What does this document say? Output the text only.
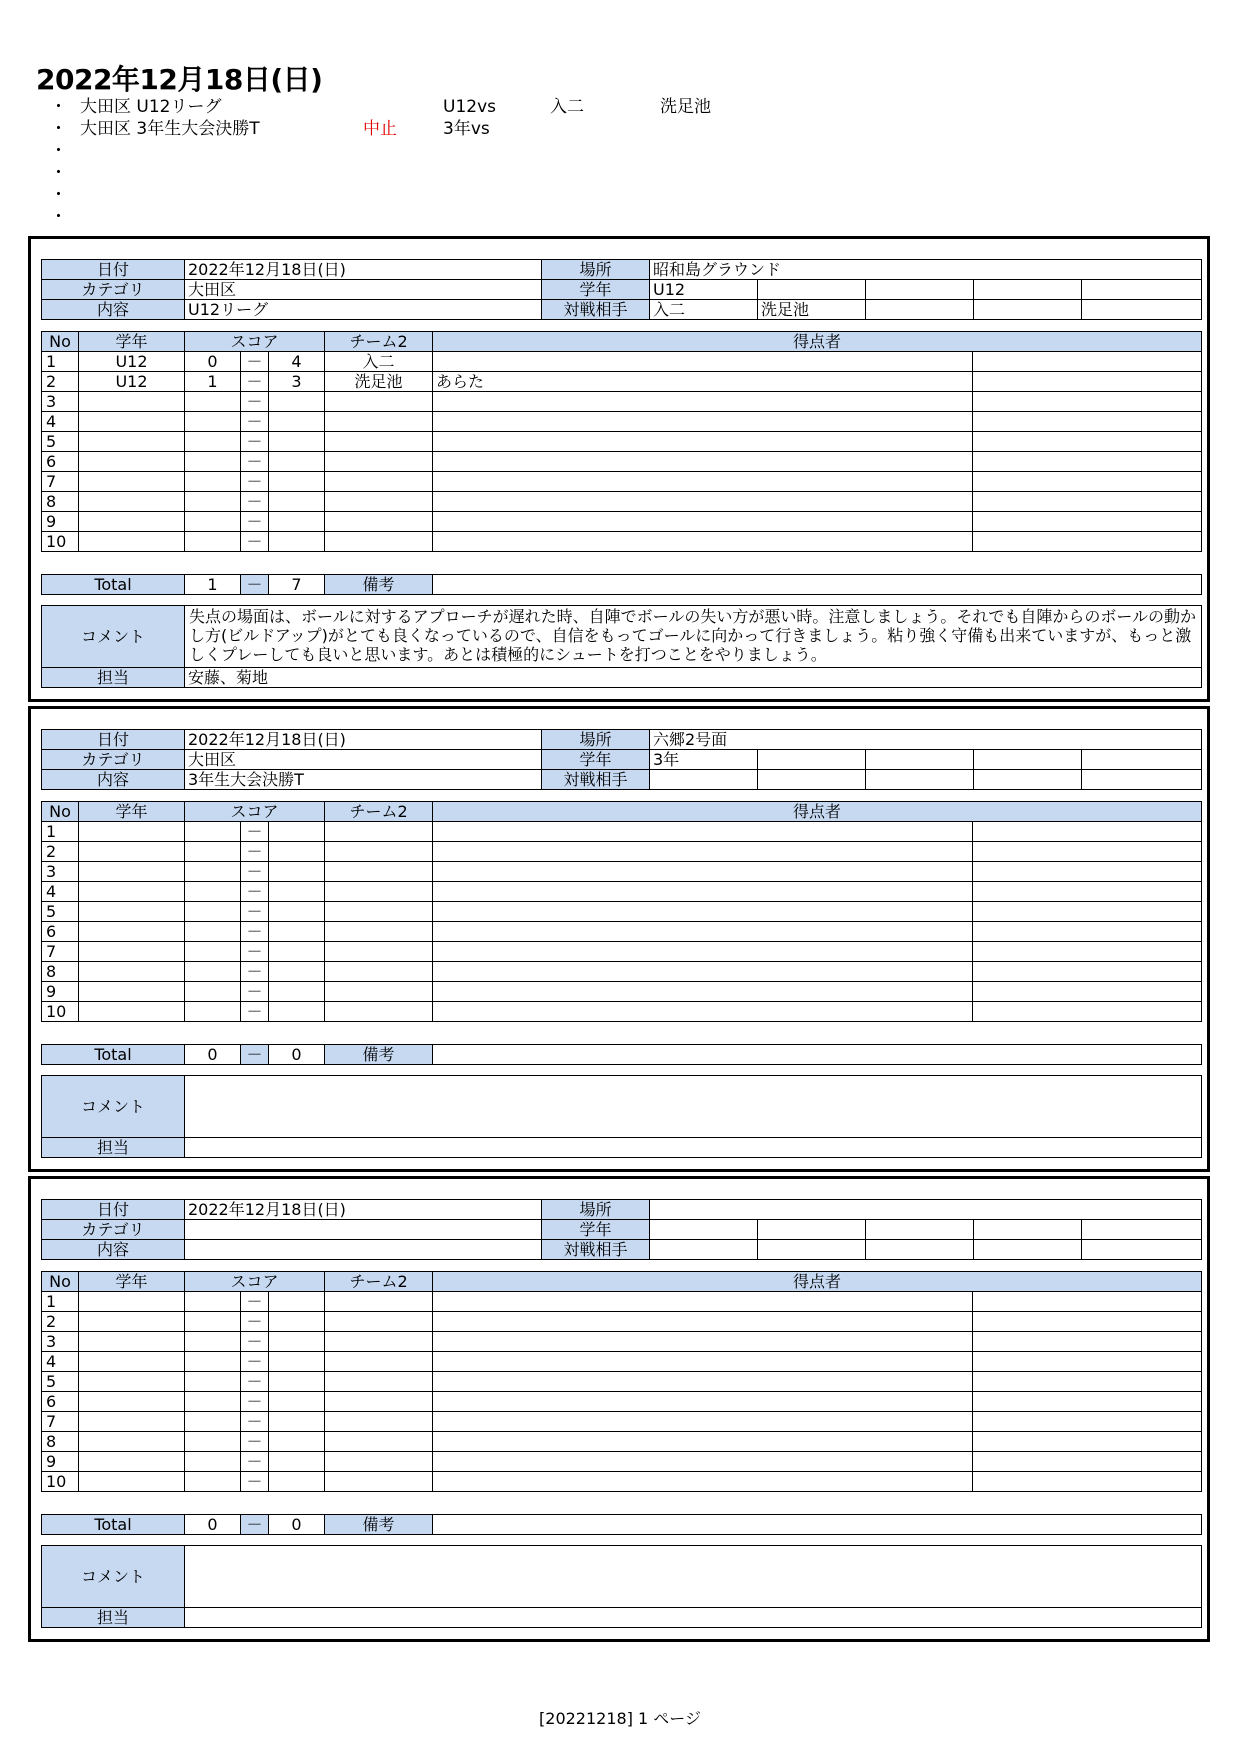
2022年12月18日(日)
・ 大田区 U12リーグ	U12vs	入二	洗足池
・ 大田区 3年生大会決勝T	中止	3年vs
・
・
・
・
日付	2022年12月18日(日)	場所	昭和島グラウンド				
カテゴリ	大田区	学年	U12				
内容	U12リーグ	対戦相手	入二	洗足池			
No	学年	スコア			チーム2	得点者	
1	U12	0	－	4	入二		
2	U12	1	－	3	洗足池	あらた	
3			－				
4			－				
5			－				
6			－				
7			－				
8			－				
9			－				
10			－				
Total	1	－	7	備考	
コメント	失点の場面は、ボールに対するアプローチが遅れた時、自陣でボールの失い方が悪い時。注意しましょう。それでも自陣からのボールの動かし方(ビルドアップ)がとても良くなっているので、自信をもってゴールに向かって行きましょう。粘り強く守備も出来ていますが、もっと激しくプレーしても良いと思います。あとは積極的にシュートを打つことをやりましょう。
担当	安藤、菊地
日付	2022年12月18日(日)	場所	六郷2号面				
カテゴリ	大田区	学年	3年				
内容	3年生大会決勝T	対戦相手					
No	学年	スコア			チーム2	得点者	
1			－				
2			－				
3			－				
4			－				
5			－				
6			－				
7			－				
8			－				
9			－				
10			－				
Total	0	－	0	備考	
コメント	
担当	
日付	2022年12月18日(日)	場所					
カテゴリ		学年					
内容		対戦相手					
No	学年	スコア			チーム2	得点者	
1			－				
2			－				
3			－				
4			－				
5			－				
6			－				
7			－				
8			－				
9			－				
10			－				
Total	0	－	0	備考	
コメント	
担当	
[20221218] 1 ページ
